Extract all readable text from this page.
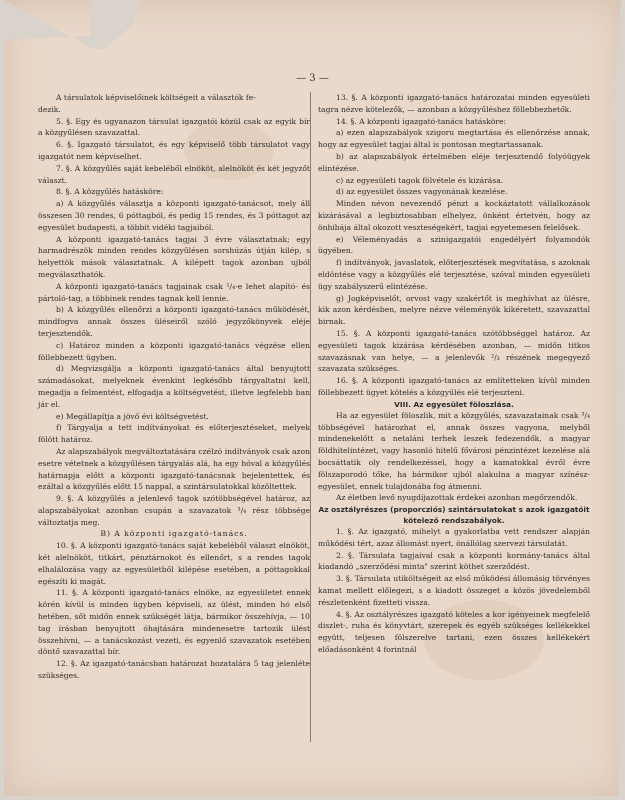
— 3 —

A társulatok képviselőinek költségeit a választók fe-

dezik.

5. §. Egy és ugyanazon társulat igazgatói közül csak az egyik bír a közgyűlésen szavazattal.

6. §. Igazgató társulatot, és egy képviselő több társulatot vagy igazgatót nem képviselhet.

7. §. A közgyűlés saját kebeléből elnököt, alelnököt és két jegyzőt választ.

8. §. A közgyűlés hatásköre:

a) A közgyűlés választja a központi igazgató-tanácsot, mely áll összesen 30 rendes, 6 póttagból, és pedig 15 rendes, és 3 póttagot az egyesület budapesti, a többit vidéki tagjaiból.

A központi igazgató-tanács tagjai 3 évre választatnak; egy harmadrészök minden rendes közgyűlésen sorshúzás útján kilép, s helyettök mások választatnak. A kilépett tagok azonban ujból megválaszthatók.

A központi igazgató-tanács tagjainak csak ¹/₄-e lehet alapító- és pártoló-tag, a többinek rendes tagnak kell lennie.

b) A közgyűlés ellenőrzi a központi igazgató-tanács működését, mindfogva annak összes üléseiről szóló jegyzőkönyvek eléje terjesztendők.

c) Határoz minden a központi igazgató-tanács végzése ellen föllebbezett ügyben.

d) Megvizsgálja a központi igazgató-tanács által benyujtott számadásokat, melyeknek évenkint legkésőbb tárgyaltatni kell, megadja a felmentést, elfogadja a költségvetést, illetve legfelebb ban jár el.

e) Megállapítja a jövő évi költségvetést.

f) Tárgyalja a tett indítványokat és előterjesztéseket, melyek fölött határoz.

Az alapszabályok megváltoztatására czélzó indítványok csak azon esetre vétetnek a közgyűlésen tárgyalás alá, ha egy hóval a közgyűlés határnapja előtt a központi igazgató-tanácsnak bejelentettek, és ezáltal a közgyűlés előtt 15 nappal, a szintársulatokkal közöltettek.

9. §. A közgyűlés a jelenlevő tagok szótöbbségével határoz, az alapszabályokat azonban csupán a szavazatok ³/₄ rész többsége változtatja meg.

B) A központi igazgató-tanács.

10. §. A központi igazgató-tanács saját kebeléből választ elnököt, két alelnököt, titkárt, pénztárnokot és ellenőrt, s a rendes tagok elhalálozása vagy az egyesületből kilépése esetében, a póttagokkal egészíti ki magát.

11. §. A központi igazgató-tanács elnöke, az egyesületet ennek körén kívül is minden ügyben képviseli, az ülést, minden hó első hetében, sőt midőn ennek szükségét látja, bármikor összehívja, — 10 tag írásban benyujtott óhajtására mindenesetre tartozik ülést összehívni, — a tanácskozást vezeti, és egyenlő szavazatok esetében döntő szavazattal bír.

12. §. Az igazgató-tanácsban határozat hozatalára 5 tag jelenléte szükséges.

13. §. A központi igazgató-tanács határozatai minden egyesületi tagra nézve kötelezők, — azonban a közgyűléshez föllebbezhetők.

14. §. A központi igazgató-tanács hatásköre:

a) ezen alapszabályok szigoru megtartása és ellenőrzése annak, hogy az egyesület tagjai által is pontosan megtartassanak.

b) az alapszabályok értelmében eléje terjesztendő folyóügyek elintézése.

c) az egyesületi tagok fölvétele és kizárása.

d) az egyesület összes vagyonának kezelése.

Minden névon nevezendő pénzt a kockáztatott vállalkozások kizárásával a legbiztosabban elhelyez, önként értetvén, hogy az önhibája által okozott veszteségekért, tagjai egyetemesen felelősek.

e) Véleményadás a szinigazgatói engedélyért folyamodók ügyében.

f) indítványok, javaslatok, előterjesztések megvitatása, s azoknak eldöntése vagy a közgyűlés elé terjesztése, szóval minden egyesületi ügy szabályszerű elintézése.

g) Jogképviselőt, orvost vagy szakértőt is meghívhat az ülésre, kik azon kérdésben, melyre nézve véleményök kikéretett, szavazattal birnak.

15. §. A központi igazgató-tanács szótöbbséggel határoz. Az egyesületi tagok kizárása kérdésében azonban, — midőn titkos szavazásnak van helye, — a jelenlevők ²/₃ részének megegyező szavazata szükséges.

16. §. A központi igazgató-tanács az említetteken kívül minden föllebbezett ügyet kötelés a közgyűlés elé terjeszteni.

VIII. Az egyesület föloszlása.

Ha az egyesület föloszlik, mit a közgyűlés, szavazatainak csak ³/₄ többségével határozhat el, annak összes vagyona, melyből mindenekelőtt a netaláni terhek leszek fedezendők, a magyar földhitelintézet, vagy hasonló hitelű fővárosi pénzintézet kezelése alá bocsáttatik oly rendelkezéssel, hogy a kamatokkal évről évre fölszaporodó tőke, ha bármikor ujból alakulna a magyar színész-egyesület, ennek tulajdonába fog átmenni.

Az életben levő nyugdíjazottak érdekei azonban megőrzendők.

Az osztályrészes (proporcziós) szintársulatokat s azok igazgatóit kötelező rendszabályok.

1. §. Az igazgató, mihelyt a gyakorlatba vett rendszer alapján működési tért, azaz állomást nyert, önállólag szervezi társulatát.

2. §. Társulata tagjaival csak a központi kormány-tanács által kiadandó „szerződési minta" szerint köthet szerződést.

3. §. Társulata utiköltségeit az első működési állomásig törvényes kamat mellett előlegezi, s a kiadott összeget a közös jövedelemből részletenként fizetteti vissza.

4. §. Az osztályrészes igazgató köteles a kor igényeinek megfelelő diszlet-, ruha és könyvtárt, szerepek és egyéb szükséges kellékekkel együtt, teljesen fölszerelve tartani, ezen összes kellékekért előadásonként 4 forintnál
